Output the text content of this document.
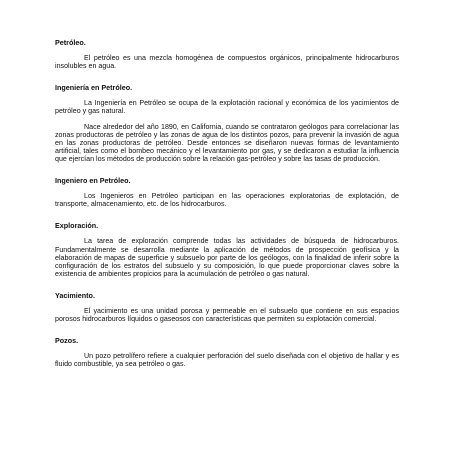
Petróleo.

El petróleo es una mezcla homogénea de compuestos orgánicos, principalmente hidrocarburos insolubles en agua.

Ingeniería en Petróleo.

La Ingeniería en Petróleo se ocupa de la explotación racional y económica de los yacimientos de petróleo y gas natural.

Nace alrededor del año 1890, en California, cuando se contrataron geólogos para correlacionar las zonas productoras de petróleo y las zonas de agua de los distintos pozos, para prevenir la invasión de agua en las zonas productoras de petróleo. Desde entonces se diseñaron nuevas formas de levantamiento artificial, tales como el bombeo mecánico y el levantamiento por gas, y se dedicaron a estudiar la influencia que ejercían los métodos de producción sobre la relación gas-petróleo y sobre las tasas de producción.

Ingeniero en Petróleo.

Los Ingenieros en Petróleo participan en las operaciones exploratorias de explotación, de transporte, almacenamiento, etc. de los hidrocarburos.

Exploración.

La tarea de exploración comprende todas las actividades de búsqueda de hidrocarburos. Fundamentalmente se desarrolla mediante la aplicación de métodos de prospección geofísica y la elaboración de mapas de superficie y subsuelo por parte de los geólogos, con la finalidad de inferir sobre la configuración de los estratos del subsuelo y su composición, lo que puede proporcionar claves sobre la existencia de ambientes propicios para la acumulación de petróleo o gas natural.

Yacimiento.

El yacimiento es una unidad porosa y permeable en el subsuelo que contiene en sus espacios porosos hidrocarburos líquidos o gaseosos con características que permiten su explotación comercial.

Pozos.

Un pozo petrolífero refiere a cualquier perforación del suelo diseñada con el objetivo de hallar y es fluido combustible, ya sea petróleo o gas.
